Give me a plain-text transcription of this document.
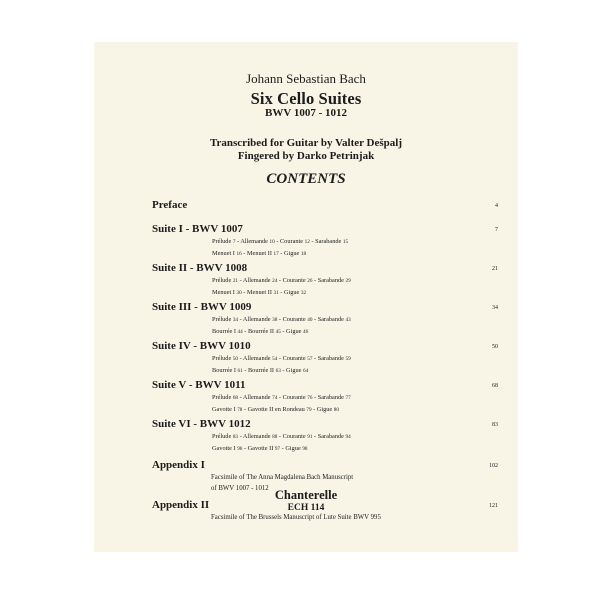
Johann Sebastian Bach
Six Cello Suites
BWV 1007 - 1012
Transcribed for Guitar by Valter Dešpalj
Fingered by Darko Petrinjak
CONTENTS
Preface	4
Suite I - BWV 1007	7
Prélude 7 - Allemande 10 - Courante 12 - Sarabande 15
Menuet I 16 - Menuet II 17 - Gigue 18
Suite II - BWV 1008	21
Prélude 21 - Allemande 24 - Courante 26 - Sarabande 29
Menuet I 30 - Menuet II 31 - Gigue 32
Suite III - BWV 1009	34
Prélude 34 - Allemande 38 - Courante 40 - Sarabande 43
Bourrée I 44 - Bourrée II 45 - Gigue 46
Suite IV - BWV 1010	50
Prélude 50 - Allemande 54 - Courante 57 - Sarabande 59
Bourrée I 61 - Bourrée II 63 - Gigue 64
Suite V - BWV 1011	68
Prélude 68 - Allemande 74 - Courante 76 - Sarabande 77
Gavotte I 78 - Gavotte II en Rondeau 79 - Gigue 80
Suite VI - BWV 1012	83
Prélude 83 - Allemande 88 - Courante 91 - Sarabande 94
Gavotte I 96 - Gavotte II 97 - Gigue 98
Appendix I	102
Facsimile of The Anna Magdalena Bach Manuscript
of BWV 1007 - 1012
Appendix II	121
Facsimile of The Brussels Manuscript of Lute Suite BWV 995
Chanterelle
ECH 114
